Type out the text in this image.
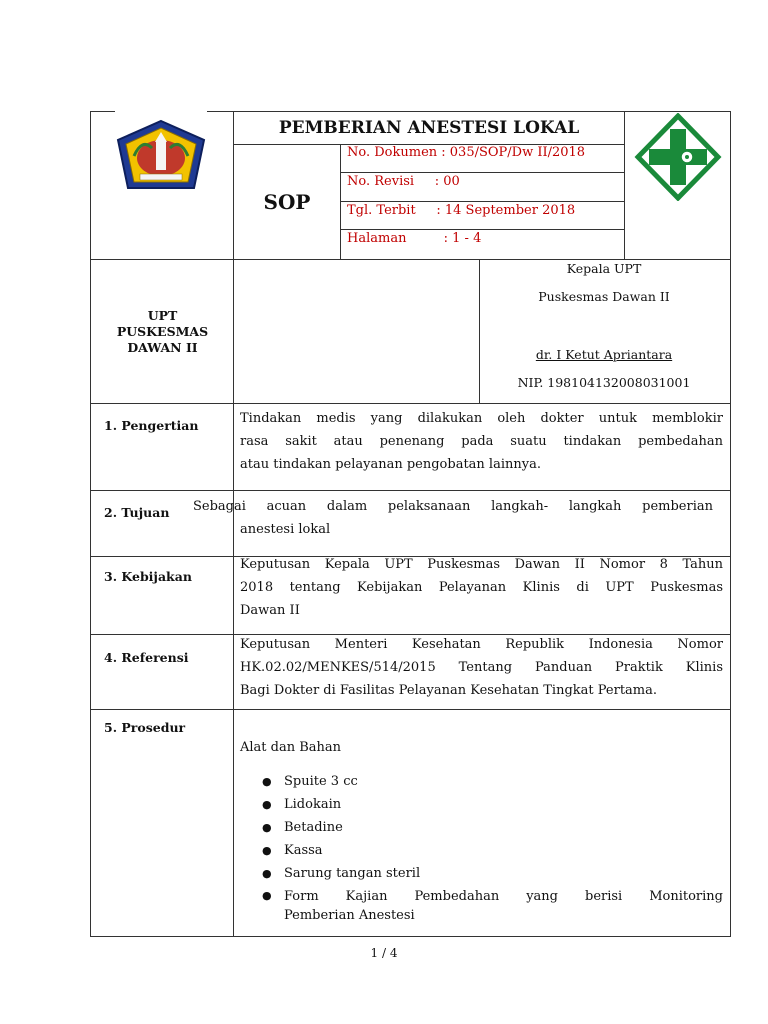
PEMBERIAN ANESTESI LOKAL
SOP
No. Dokumen : 035/SOP/Dw II/2018
No. Revisi     : 00
Tgl. Terbit     : 14 September 2018
Halaman         : 1 - 4
UPT
PUSKESMAS
DAWAN II
Kepala UPT
Puskesmas Dawan II
dr. I Ketut Apriantara
NIP. 198104132008031001
1. Pengertian	Tindakan medis yang dilakukan oleh dokter untuk memblokir
rasa sakit atau penenang pada suatu tindakan pembedahan
atau tindakan pelayanan pengobatan lainnya.
2. Tujuan Sebagai acuan dalam pelaksanaan langkah- langkah pemberian
anestesi lokal
3. Kebijakan
Keputusan Kepala UPT Puskesmas Dawan II Nomor 8 Tahun
2018 tentang Kebijakan Pelayanan Klinis di UPT Puskesmas
Dawan II
4. Referensi
Keputusan Menteri Kesehatan Republik Indonesia Nomor
HK.02.02/MENKES/514/2015 Tentang Panduan Praktik Klinis
Bagi Dokter di Fasilitas Pelayanan Kesehatan Tingkat Pertama.
5. Prosedur
Alat dan Bahan
● Spuite 3 cc
● Lidokain
● Betadine
● Kassa
● Sarung tangan steril
● Form Kajian Pembedahan yang berisi Monitoring
Pemberian Anestesi
1 / 4
